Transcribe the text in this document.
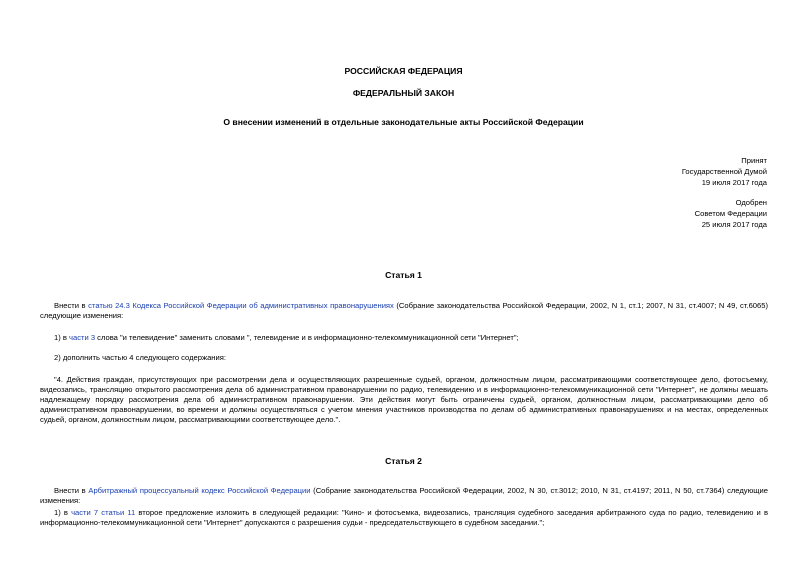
РОССИЙСКАЯ ФЕДЕРАЦИЯ
ФЕДЕРАЛЬНЫЙ ЗАКОН
О внесении изменений в отдельные законодательные акты Российской Федерации
Принят
Государственной Думой
19 июля 2017 года
Одобрен
Советом Федерации
25 июля 2017 года
Статья 1
Внести в статью 24.3 Кодекса Российской Федерации об административных правонарушениях (Собрание законодательства Российской Федерации, 2002, N 1, ст.1; 2007, N 31, ст.4007; N 49, ст.6065) следующие изменения:
1) в части 3 слова "и телевидение" заменить словами ", телевидение и в информационно-телекоммуникационной сети "Интернет";
2) дополнить частью 4 следующего содержания:
"4. Действия граждан, присутствующих при рассмотрении дела и осуществляющих разрешенные судьей, органом, должностным лицом, рассматривающими соответствующее дело, фотосъемку, видеозапись, трансляцию открытого рассмотрения дела об административном правонарушении по радио, телевидению и в информационно-телекоммуникационной сети "Интернет", не должны мешать надлежащему порядку рассмотрения дела об административном правонарушении. Эти действия могут быть ограничены судьей, органом, должностным лицом, рассматривающими дело об административном правонарушении, во времени и должны осуществляться с учетом мнения участников производства по делам об административных правонарушениях и на местах, определенных судьей, органом, должностным лицом, рассматривающими соответствующее дело.".
Статья 2
Внести в Арбитражный процессуальный кодекс Российской Федерации (Собрание законодательства Российской Федерации, 2002, N 30, ст.3012; 2010, N 31, ст.4197; 2011, N 50, ст.7364) следующие изменения:
1) в части 7 статьи 11 второе предложение изложить в следующей редакции: "Кино- и фотосъемка, видеозапись, трансляция судебного заседания арбитражного суда по радио, телевидению и в информационно-телекоммуникационной сети "Интернет" допускаются с разрешения судьи - председательствующего в судебном заседании.";
